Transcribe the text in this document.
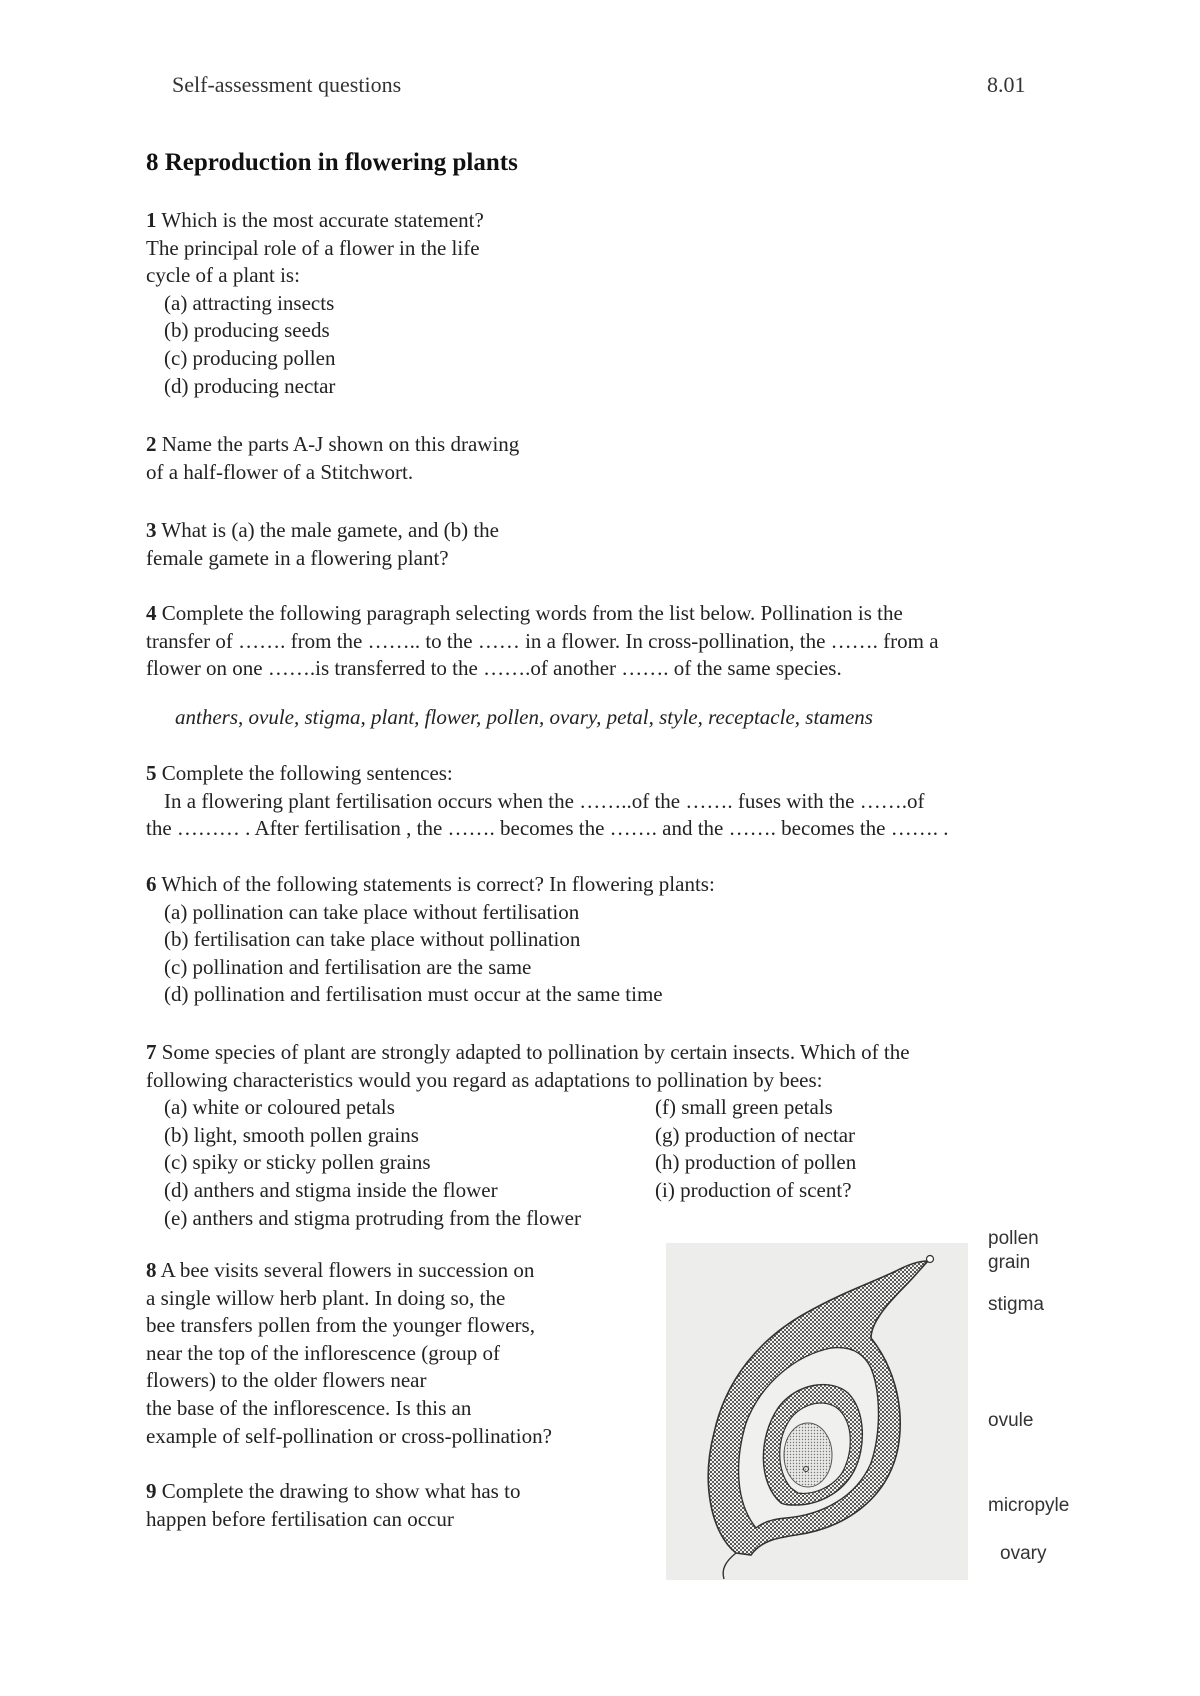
Self-assessment questions	8.01
8 Reproduction in flowering plants
1 Which is the most accurate statement?
The principal role of a flower in the life
cycle of a plant is:
(a) attracting insects
(b) producing seeds
(c) producing pollen
(d) producing nectar
2 Name the parts A-J shown on this drawing
of a half-flower of a Stitchwort.
3 What is (a) the male gamete, and (b) the
female gamete in a flowering plant?
4 Complete the following paragraph selecting words from the list below. Pollination is the
transfer of ……. from the …….. to the …… in a flower. In cross-pollination, the ……. from a
flower on one …….is transferred to the …….of another ……. of the same species.
anthers, ovule, stigma, plant, flower, pollen, ovary, petal, style, receptacle, stamens
5 Complete the following sentences:
In a flowering plant fertilisation occurs when the ……..of the ……. fuses with the …….of
the ……… . After fertilisation , the ……. becomes the ……. and the ……. becomes the ……. .
6 Which of the following statements is correct? In flowering plants:
(a) pollination can take place without fertilisation
(b) fertilisation can take place without pollination
(c) pollination and fertilisation are the same
(d) pollination and fertilisation must occur at the same time
7 Some species of plant are strongly adapted to pollination by certain insects. Which of the
following characteristics would you regard as adaptations to pollination by bees:
(a) white or coloured petals
(b) light, smooth pollen grains
(c) spiky or sticky pollen grains
(d) anthers and stigma inside the flower
(e) anthers and stigma protruding from the flower
(f) small green petals
(g) production of nectar
(h) production of pollen
(i) production of scent?
8 A bee visits several flowers in succession on
a single willow herb plant. In doing so, the
bee transfers pollen from the younger flowers,
near the top of the inflorescence (group of
flowers) to the older flowers near
the base of the inflorescence. Is this an
example of self-pollination or cross-pollination?
9 Complete the drawing to show what has to
happen before fertilisation can occur
pollen
grain
stigma
ovule
micropyle
ovary
